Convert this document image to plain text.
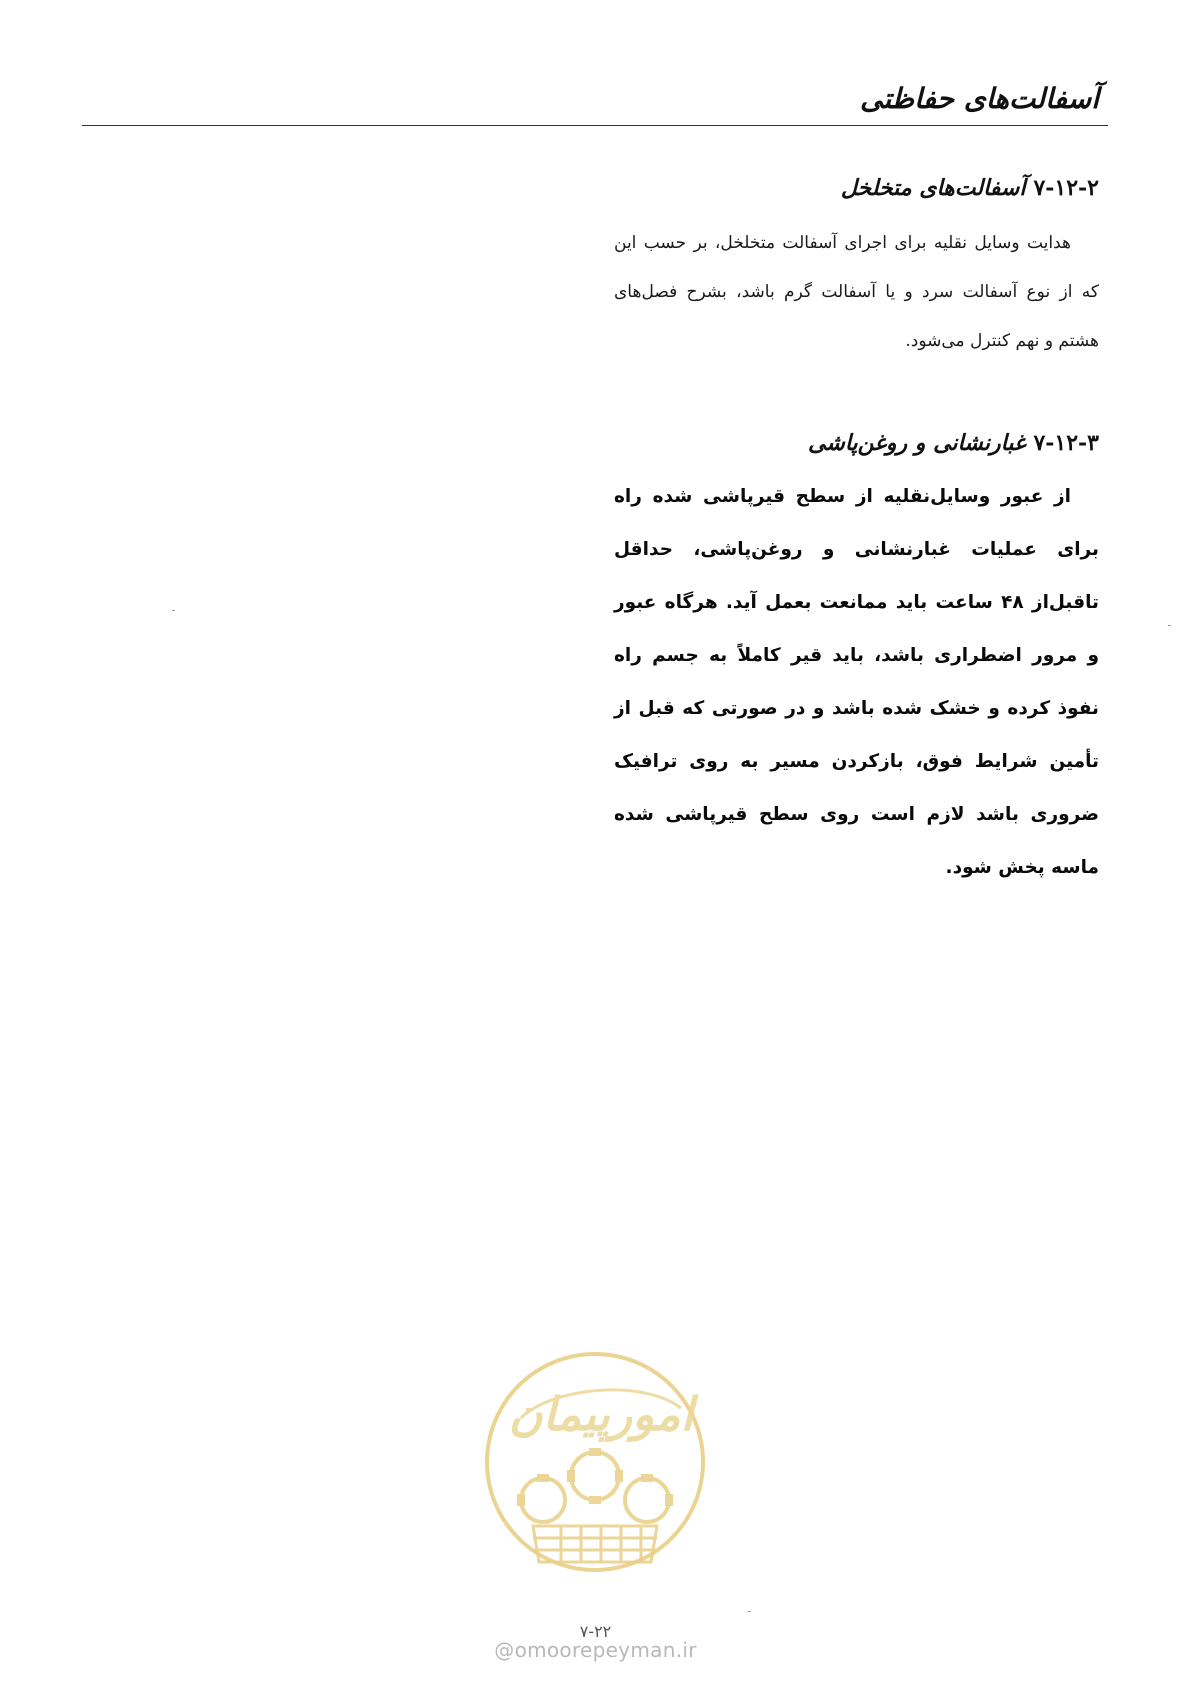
آسفالت‌های حفاظتی
۷-۱۲-۲آسفالت‌های متخلخل

هدایت وسایل نقلیه برای اجرای آسفالت متخلخل، بر حسب این که از نوع آسفالت سرد و یا آسفالت گرم باشد، بشرح فصل‌های هشتم و نهم کنترل می‌شود.

۷-۱۲-۳غبارنشانی و روغن‌پاشی

از عبور وسایل‌نقلیه از سطح قیرپاشی شده راه برای عملیات غبارنشانی و روغن‌پاشی، حداقل تا‌قبل‌از ۴۸ ساعت باید ممانعت بعمل آید. هرگاه عبور و مرور اضطراری باشد، باید قیر کاملاً به جسم راه نفوذ کرده و خشک شده باشد و در صورتی که قبل از تأمین شرایط فوق، بازکردن مسیر به روی ترافیک ضروری باشد لازم است روی سطح قیرپاشی شده ماسه پخش شود.

امورپیمان
۷-۲۲
@omoorepeyman.ir
